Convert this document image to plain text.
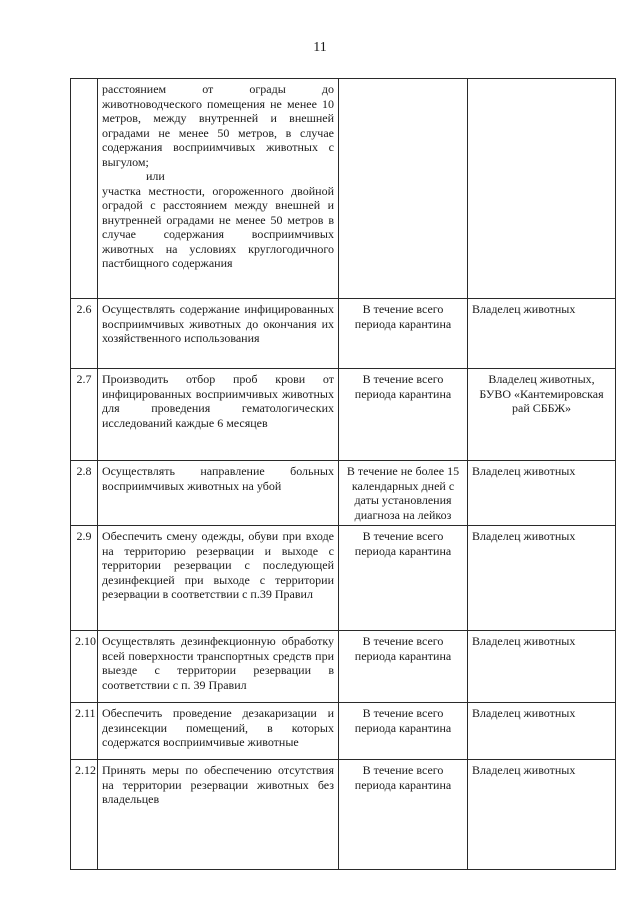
11

	расстоянием от ограды до животноводческого помещения не менее 10 метров, между внутренней и внешней оградами не менее 50 метров, в случае содержания восприимчивых животных с выгулом;
или
участка местности, огороженного двойной оградой с расстоянием между внешней и внутренней оградами не менее 50 метров в случае содержания восприимчивых животных на условиях круглогодичного пастбищного содержания		

2.6	Осуществлять содержание инфицированных восприимчивых животных до окончания их хозяйственного использования	В течение всего периода карантина	Владелец животных
2.7	Производить отбор проб крови от инфицированных восприимчивых животных для проведения гематологических исследований каждые 6 месяцев	В течение всего периода карантина	Владелец животных, БУВО «Кантемировская рай СББЖ»
2.8	Осуществлять направление больных восприимчивых животных на убой	В течение не более 15 календарных дней с даты установления диагноза на лейкоз	Владелец животных
2.9	Обеспечить смену одежды, обуви при входе на территорию резервации и выходе с территории резервации с последующей дезинфекцией при выходе с территории резервации в соответствии с п.39 Правил	В течение всего периода карантина	Владелец животных
2.10	Осуществлять дезинфекционную обработку всей поверхности транспортных средств при выезде с территории резервации в соответствии с п. 39 Правил	В течение всего периода карантина	Владелец животных
2.11	Обеспечить проведение дезакаризации и дезинсекции помещений, в которых содержатся восприимчивые животные	В течение всего периода карантина	Владелец животных
2.12	Принять меры по обеспечению отсутствия на территории резервации животных без владельцев	В течение всего периода карантина	Владелец животных
